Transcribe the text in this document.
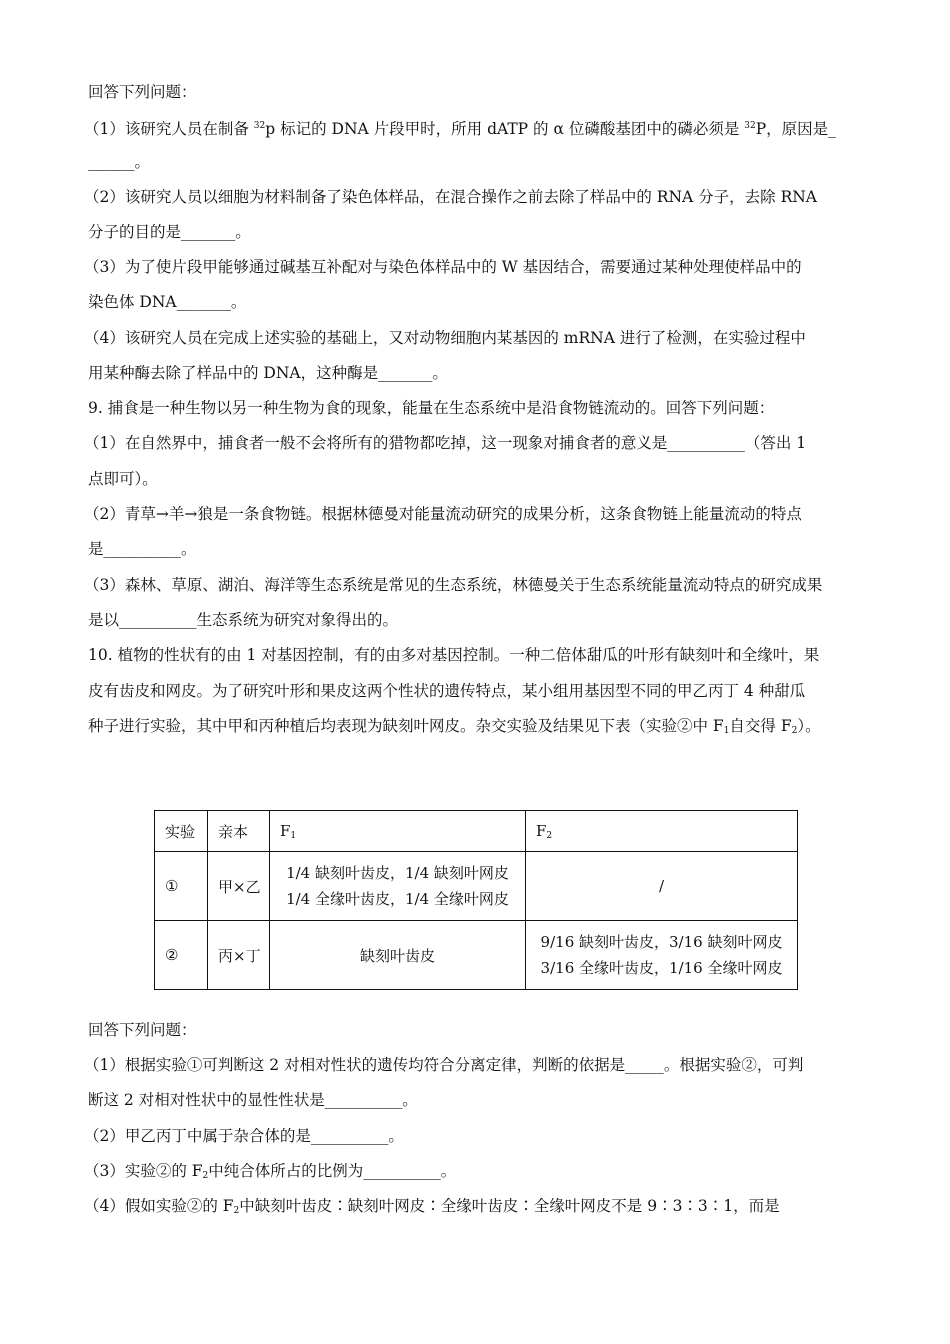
回答下列问题：
（1）该研究人员在制备 $^{32}$p 标记的 DNA 片段甲时，所用 dATP 的 α 位磷酸基团中的磷必须是 $^{32}$P，原因是_
______。
（2）该研究人员以细胞为材料制备了染色体样品，在混合操作之前去除了样品中的 RNA 分子，去除 RNA
分子的目的是_______。
（3）为了使片段甲能够通过碱基互补配对与染色体样品中的 W 基因结合，需要通过某种处理使样品中的
染色体 DNA_______。
（4）该研究人员在完成上述实验的基础上，又对动物细胞内某基因的 mRNA 进行了检测，在实验过程中
用某种酶去除了样品中的 DNA，这种酶是_______。
9. 捕食是一种生物以另一种生物为食的现象，能量在生态系统中是沿食物链流动的。回答下列问题：
（1）在自然界中，捕食者一般不会将所有的猎物都吃掉，这一现象对捕食者的意义是__________（答出 1
点即可）。
（2）青草→羊→狼是一条食物链。根据林德曼对能量流动研究的成果分析，这条食物链上能量流动的特点
是__________。
（3）森林、草原、湖泊、海洋等生态系统是常见的生态系统，林德曼关于生态系统能量流动特点的研究成果
是以__________生态系统为研究对象得出的。
10. 植物的性状有的由 1 对基因控制，有的由多对基因控制。一种二倍体甜瓜的叶形有缺刻叶和全缘叶，果
皮有齿皮和网皮。为了研究叶形和果皮这两个性状的遗传特点，某小组用基因型不同的甲乙丙丁 4 种甜瓜
种子进行实验，其中甲和丙种植后均表现为缺刻叶网皮。杂交实验及结果见下表（实验②中 $F_1$自交得 $F_2$）。
实验	亲本	$F_1$	$F_2$
①	甲×乙	1/4 缺刻叶齿皮，1/4 缺刻叶网皮
1/4 全缘叶齿皮，1/4 全缘叶网皮	/
②	丙×丁	缺刻叶齿皮	9/16 缺刻叶齿皮，3/16 缺刻叶网皮
3/16 全缘叶齿皮，1/16 全缘叶网皮
回答下列问题：
（1）根据实验①可判断这 2 对相对性状的遗传均符合分离定律，判断的依据是_____。根据实验②，可判
断这 2 对相对性状中的显性性状是__________。
（2）甲乙丙丁中属于杂合体的是__________。
（3）实验②的 $F_2$中纯合体所占的比例为__________。
（4）假如实验②的 $F_2$中缺刻叶齿皮∶缺刻叶网皮∶全缘叶齿皮∶全缘叶网皮不是 9∶3∶3∶1，而是
